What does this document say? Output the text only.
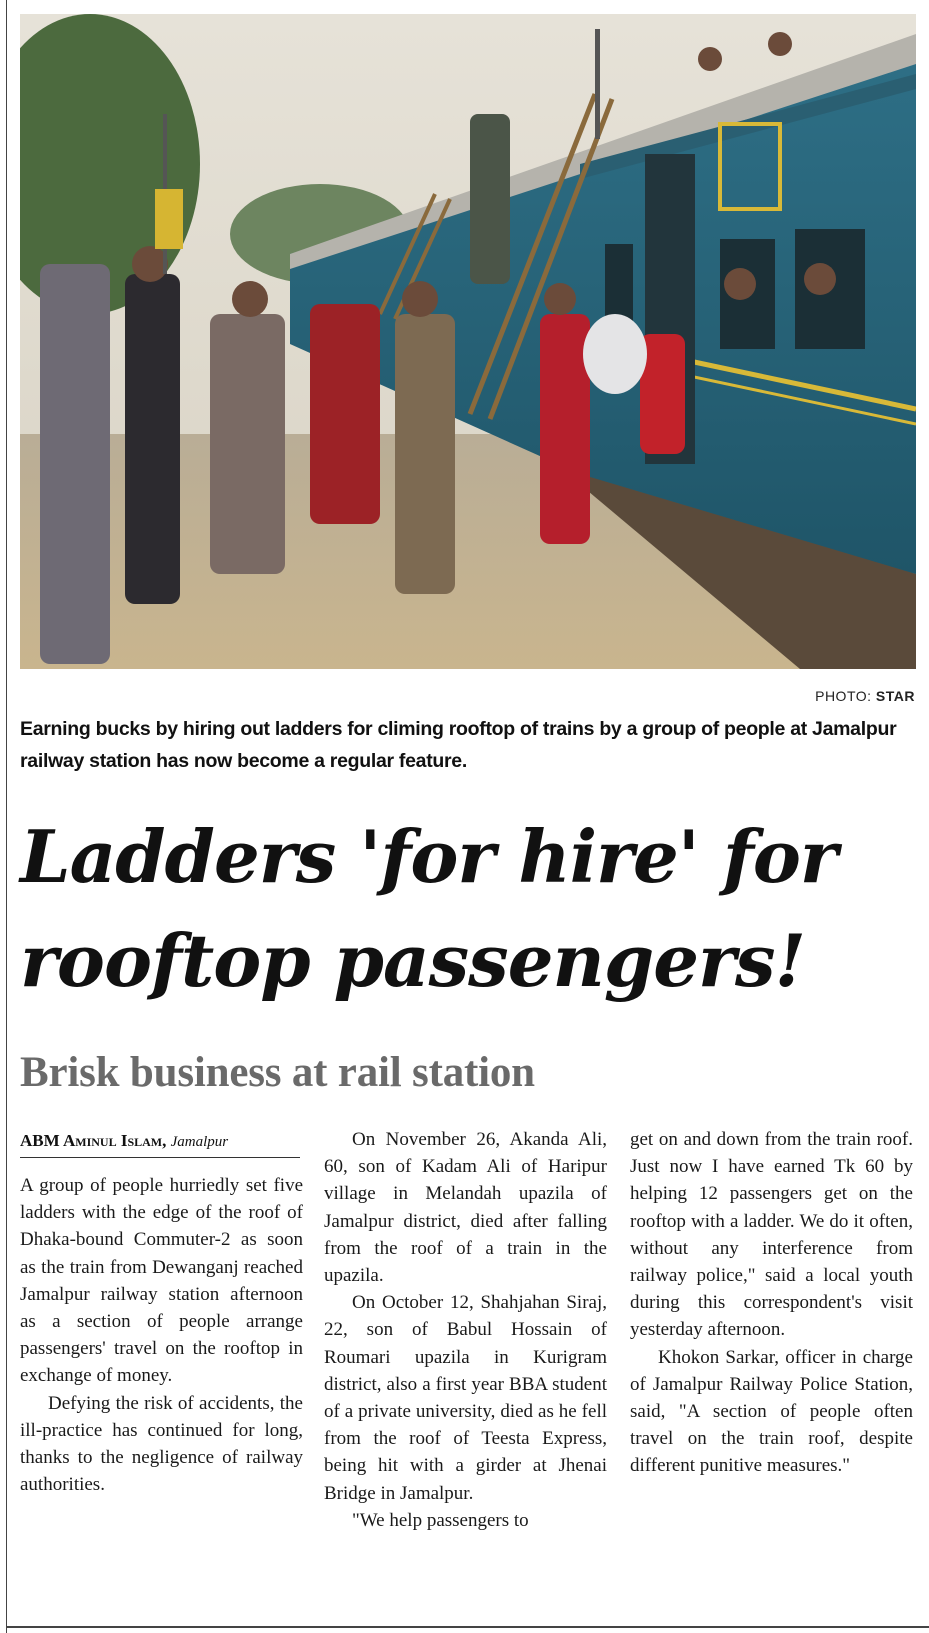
PHOTO: STAR
Earning bucks by hiring out ladders for climing rooftop of trains by a group of people at Jamalpur railway station has now become a regular feature.
Ladders 'for hire' for
rooftop passengers!
Brisk business at rail station
ABM Aminul Islam, Jamalpur

A group of people hurriedly set five ladders with the edge of the roof of Dhaka-bound Commuter-2 as soon as the train from Dewanganj reached Jamalpur railway station afternoon as a section of people arrange passengers' travel on the rooftop in exchange of money.

Defying the risk of accidents, the ill-practice has continued for long, thanks to the negligence of railway authorities.

On November 26, Akanda Ali, 60, son of Kadam Ali of Haripur village in Melandah upazila of Jamalpur district, died after falling from the roof of a train in the upazila.

On October 12, Shahjahan Siraj, 22, son of Babul Hossain of Roumari upazila in Kurigram district, also a first year BBA student of a private university, died as he fell from the roof of Teesta Express, being hit with a girder at Jhenai Bridge in Jamalpur.

"We help passengers to

get on and down from the train roof. Just now I have earned Tk 60 by helping 12 passengers get on the rooftop with a ladder. We do it often, without any interference from railway police," said a local youth during this correspondent's visit yesterday afternoon.

Khokon Sarkar, officer in charge of Jamalpur Railway Police Station, said, "A section of people often travel on the train roof, despite different punitive measures."
